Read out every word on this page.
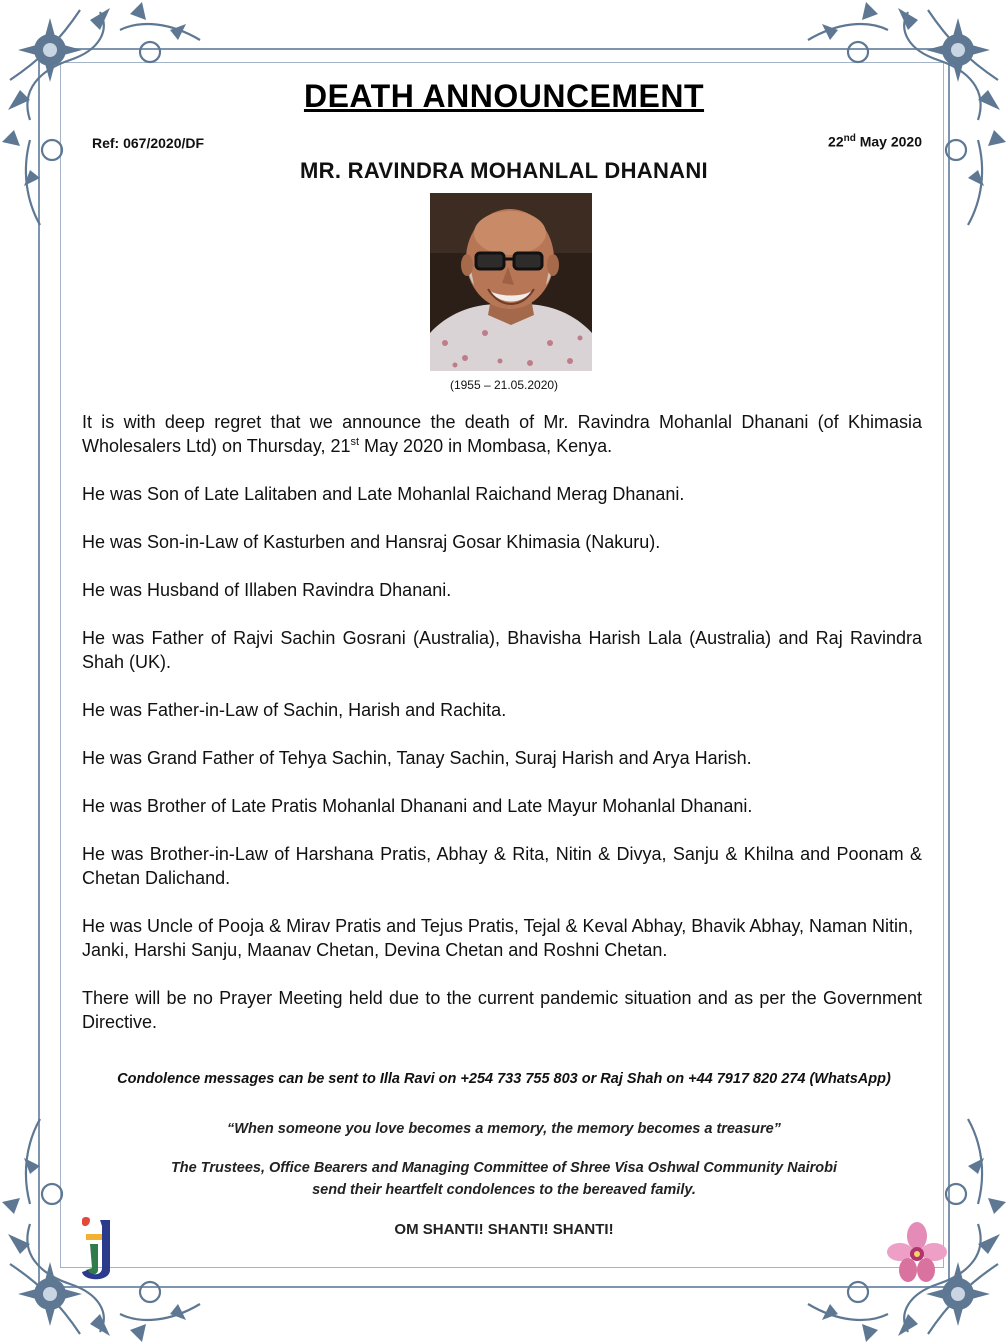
DEATH ANNOUNCEMENT
Ref: 067/2020/DF	22nd May 2020
MR. RAVINDRA MOHANLAL DHANANI
(1955 – 21.05.2020)

It is with deep regret that we announce the death of Mr. Ravindra Mohanlal Dhanani (of Khimasia Wholesalers Ltd) on Thursday, 21st May 2020 in Mombasa, Kenya.

He was Son of Late Lalitaben and Late Mohanlal Raichand Merag Dhanani.

He was Son-in-Law of Kasturben and Hansraj Gosar Khimasia (Nakuru).

He was Husband of Illaben Ravindra Dhanani.

He was Father of Rajvi Sachin Gosrani (Australia), Bhavisha Harish Lala (Australia) and Raj Ravindra Shah (UK).

He was Father-in-Law of Sachin, Harish and Rachita.

He was Grand Father of Tehya Sachin, Tanay Sachin, Suraj Harish and Arya Harish.

He was Brother of Late Pratis Mohanlal Dhanani and Late Mayur Mohanlal Dhanani.

He was Brother-in-Law of Harshana Pratis, Abhay & Rita, Nitin & Divya, Sanju & Khilna and Poonam & Chetan Dalichand.

He was Uncle of Pooja & Mirav Pratis and Tejus Pratis, Tejal & Keval Abhay, Bhavik Abhay, Naman Nitin, Janki, Harshi Sanju, Maanav Chetan, Devina Chetan and Roshni Chetan.

There will be no Prayer Meeting held due to the current pandemic situation and as per the Government Directive.

Condolence messages can be sent to Illa Ravi on +254 733 755 803 or Raj Shah on +44 7917 820 274 (WhatsApp)
“When someone you love becomes a memory, the memory becomes a treasure”
The Trustees, Office Bearers and Managing Committee of Shree Visa Oshwal Community Nairobi
send their heartfelt condolences to the bereaved family.
OM SHANTI! SHANTI! SHANTI!
